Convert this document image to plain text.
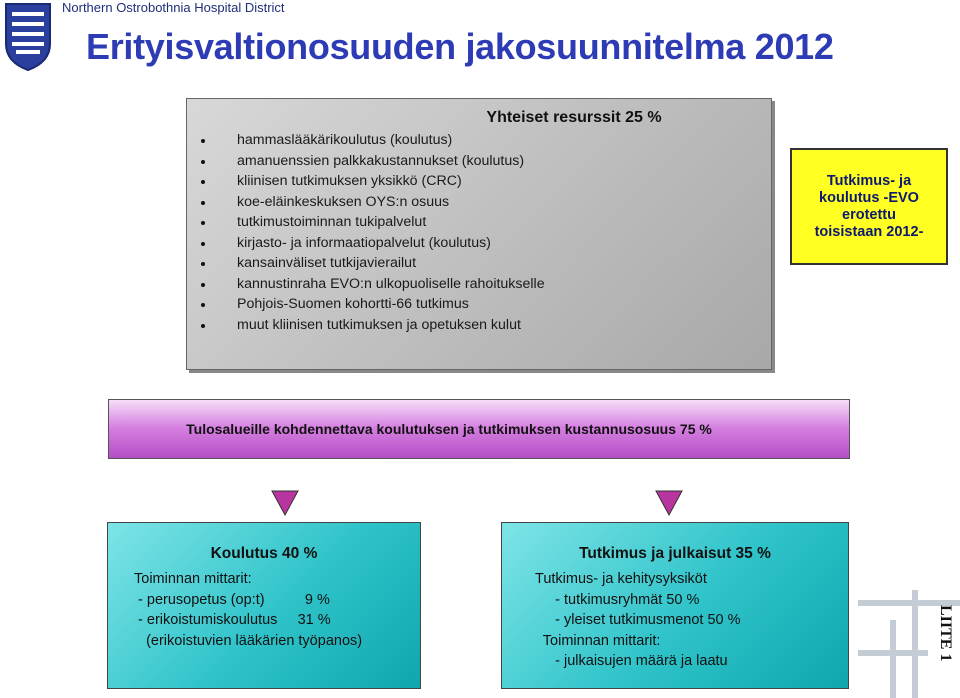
Northern Ostrobothnia Hospital District
Erityisvaltionosuuden jakosuunnitelma 2012
Yhteiset resurssit 25 %
hammaslääkärikoulutus (koulutus)
amanuenssien palkkakustannukset (koulutus)
kliinisen tutkimuksen yksikkö (CRC)
koe-eläinkeskuksen OYS:n osuus
tutkimustoiminnan tukipalvelut
kirjasto- ja informaatiopalvelut (koulutus)
kansainväliset tutkijavierailut
kannustinraha EVO:n ulkopuoliselle rahoitukselle
Pohjois-Suomen kohortti-66 tutkimus
muut kliinisen tutkimuksen ja opetuksen kulut
Tutkimus- ja
koulutus -EVO
erotettu
toisistaan 2012-
Tulosalueille kohdennettava koulutuksen ja tutkimuksen kustannusosuus 75 %
Koulutus 40 %
Toiminnan mittarit:
- perusopetus (op:t)          9 %
- erikoistumiskoulutus     31 %
(erikoistuvien lääkärien työpanos)
Tutkimus ja julkaisut 35 %
Tutkimus- ja kehitysyksiköt
- tutkimusryhmät 50 %
- yleiset tutkimusmenot 50 %
Toiminnan mittarit:
- julkaisujen määrä ja laatu	LIITE 1
